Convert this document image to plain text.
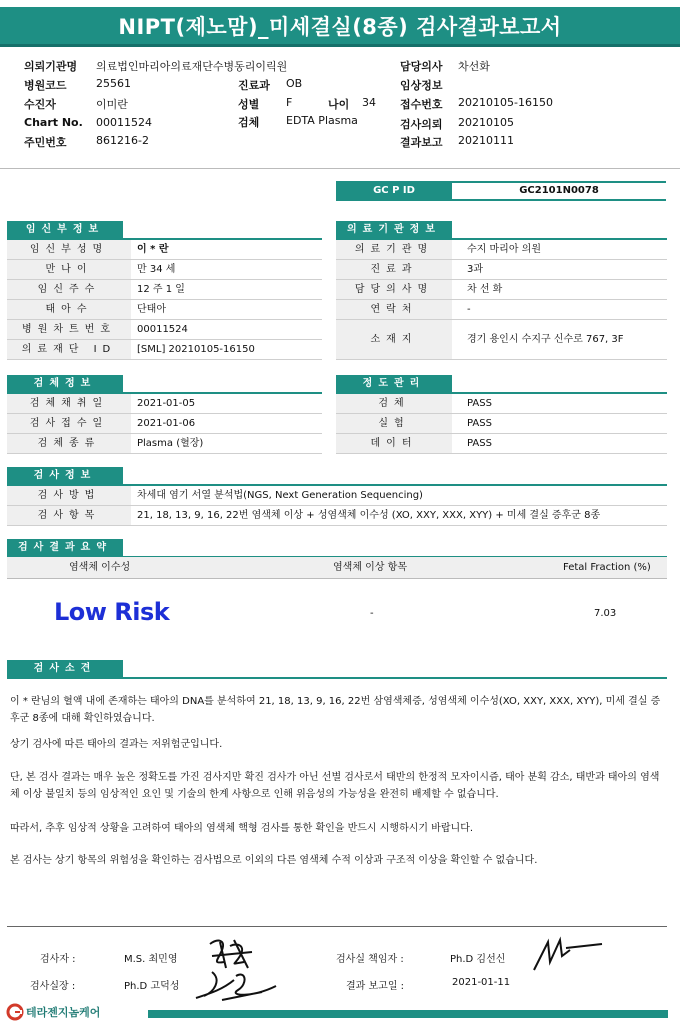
NIPT(제노맘)_미세결실(8종) 검사결과보고서
의뢰기관명 의료법인마리아의료재단수병동리이릭원	담당의사 차선화
병원코드	25561	진료과 OB	임상정보
수진자	이미란	성별 F	나이 34 접수번호 20210105-16150
Chart No. 00011524	검체 EDTA Plasma	검사의뢰 20210105
주민번호	861216-2	결과보고 20210111
GC P ID	GC2101N0078
임신부정보
임신부성명	이 * 란
만나이	만 34 세
임신주수	12 주 1 일
태아수	단태아
병원차트번호	00011524
의료재단 ID	[SML] 20210105-16150
의료기관정보
의료기관명	수지 마리아 의원
진료과	3과
담당의사명	차 선 화
연락처	-
소재지	경기 용인시 수지구 신수로 767, 3F
검체정보
검체채취일	2021-01-05
검사접수일	2021-01-06
검체종류	Plasma (혈장)
정도관리
검체	PASS
실험	PASS
데이터	PASS
검사정보
검사방법	차세대 염기 서열 분석법(NGS, Next Generation Sequencing)
검사항목	21, 18, 13, 9, 16, 22번 염색체 이상 + 성염색체 이수성 (XO, XXY, XXX, XYY) + 미세 결실 증후군 8종
검사결과요약
염색체 이수성	염색체 이상 항목	Fetal Fraction (%)
Low Risk	-	7.03
검사소견
이 * 란님의 혈액 내에 존재하는 태아의 DNA를 분석하여 21, 18, 13, 9, 16, 22번 삼염색체증, 성염색체 이수성(XO, XXY, XXX, XYY), 미세 결실 증후군 8종에 대해 확인하였습니다.
상기 검사에 따른 태아의 결과는 저위험군입니다.
단, 본 검사 결과는 매우 높은 정확도를 가진 검사지만 확진 검사가 아닌 선별 검사로서 태반의 한정적 모자이시즘, 태아 분획 감소, 태반과 태아의 염색체 이상 불일치 등의 임상적인 요인 및 기술의 한계 사항으로 인해 위음성의 가능성을 완전히 배제할 수 없습니다.
따라서, 추후 임상적 상황을 고려하여 태아의 염색체 핵형 검사를 통한 확인을 반드시 시행하시기 바랍니다.
본 검사는 상기 항목의 위험성을 확인하는 검사법으로 이외의 다른 염색체 수적 이상과 구조적 이상을 확인할 수 없습니다.
검사자 :	M.S. 최민영	검사실 책임자 :	Ph.D 김선신
검사실장 :	Ph.D 고덕성	결과 보고일 :	2021-01-11
테라젠지놈케어
